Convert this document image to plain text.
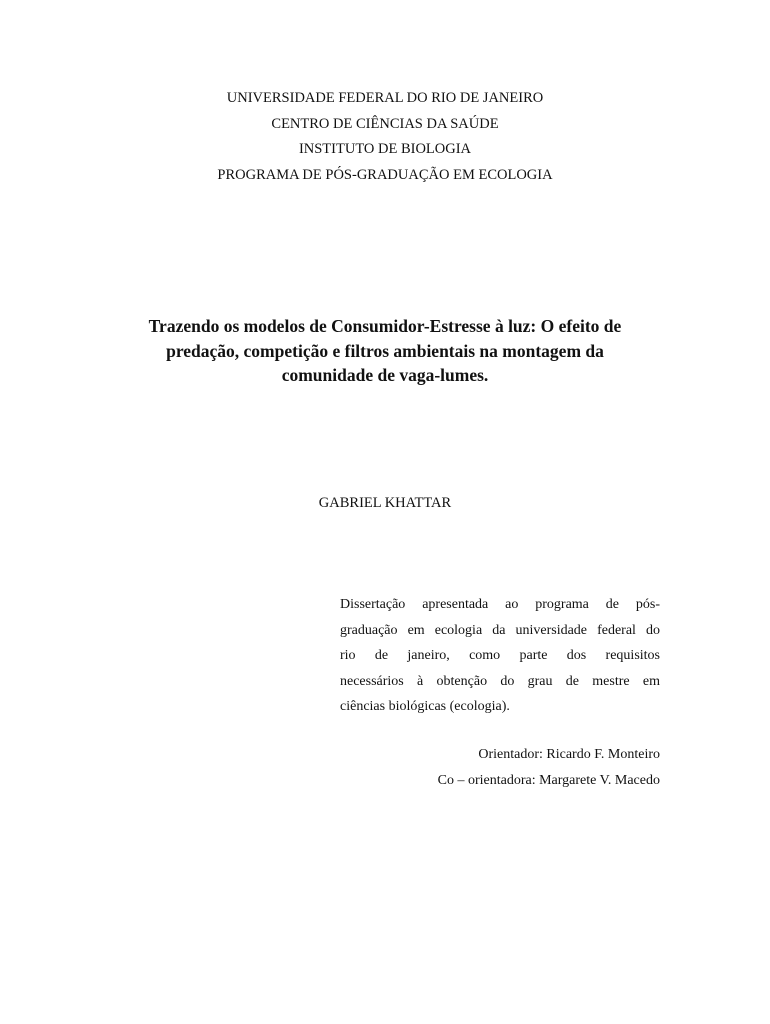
UNIVERSIDADE FEDERAL DO RIO DE JANEIRO
CENTRO DE CIÊNCIAS DA SAÚDE
INSTITUTO DE BIOLOGIA
PROGRAMA DE PÓS-GRADUAÇÃO EM ECOLOGIA
Trazendo os modelos de Consumidor-Estresse à luz: O efeito de
predação, competição e filtros ambientais na montagem da
comunidade de vaga-lumes.
GABRIEL KHATTAR
Dissertação apresentada ao programa de pós-
graduação em ecologia da universidade federal do
rio de janeiro, como parte dos requisitos
necessários à obtenção do grau de mestre em
ciências biológicas (ecologia).
Orientador: Ricardo F. Monteiro
Co – orientadora: Margarete V. Macedo
